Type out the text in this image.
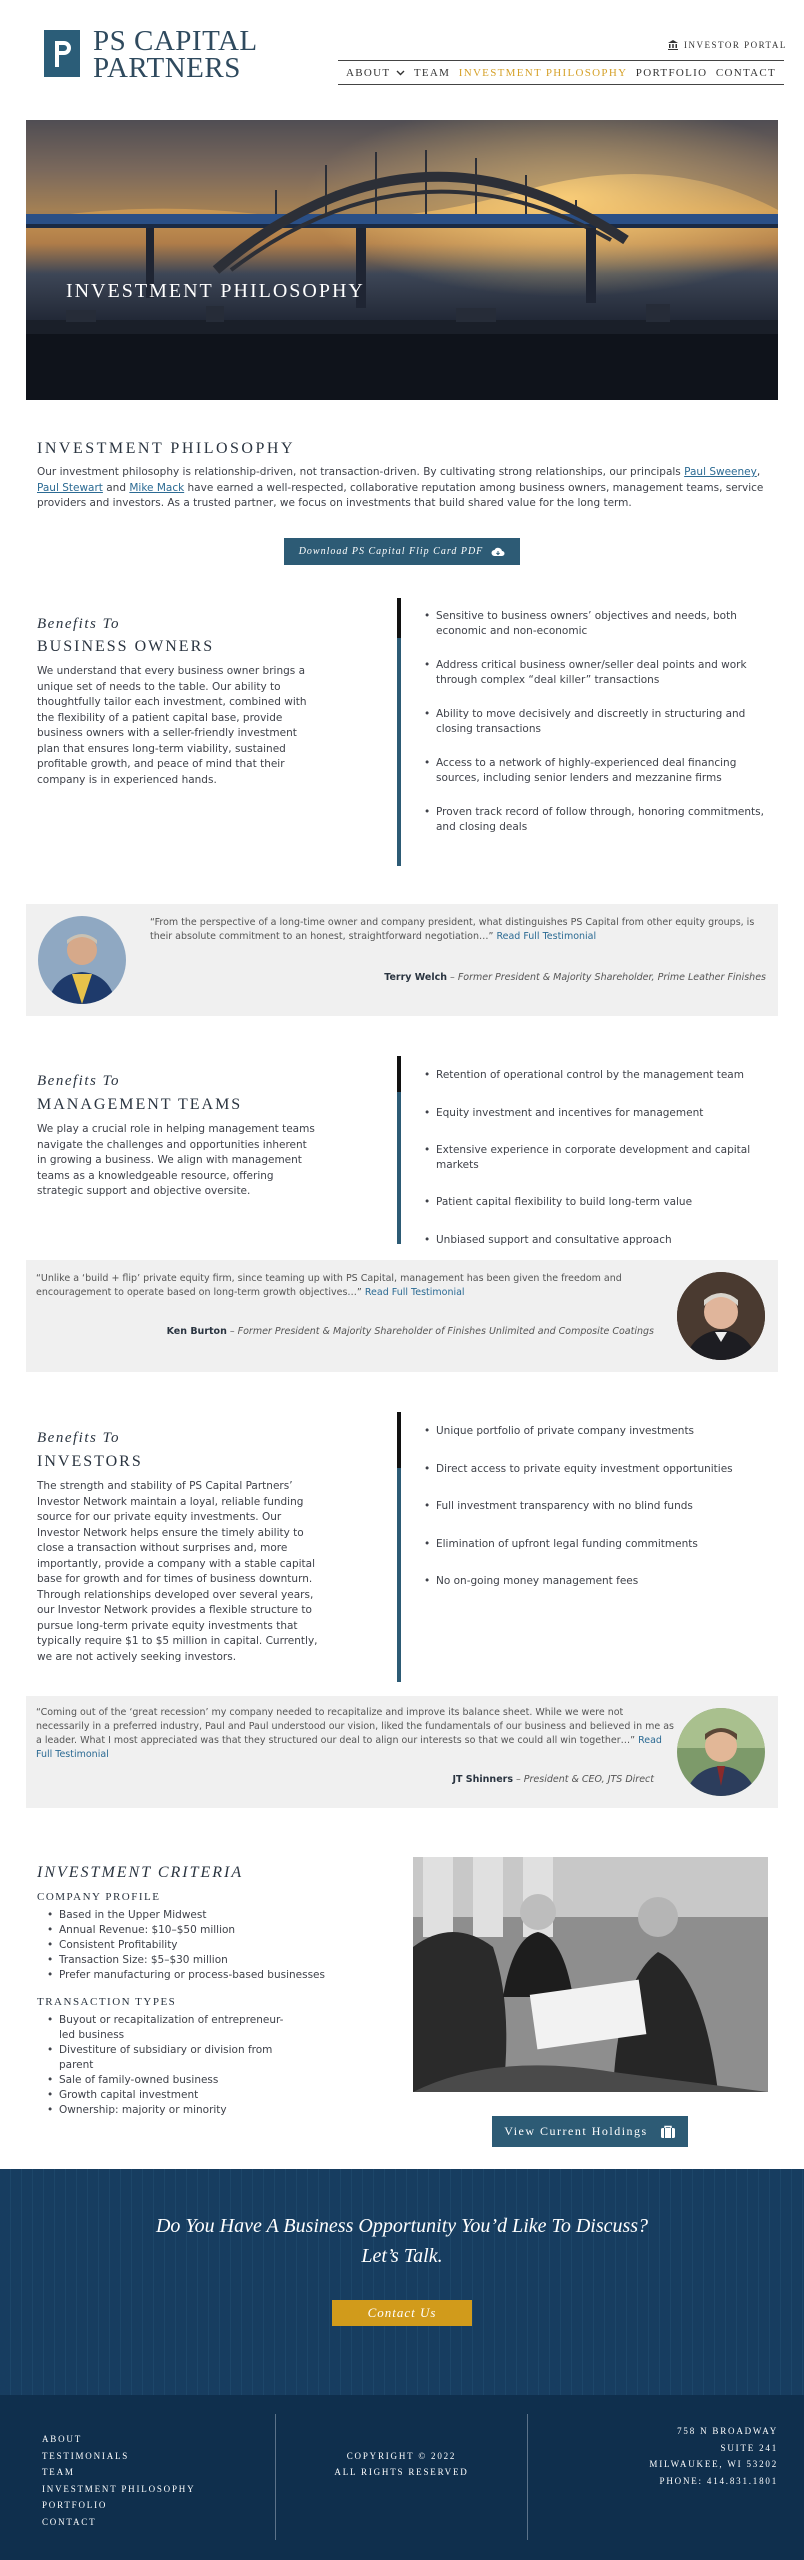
PS CAPITAL
PARTNERS
INVESTOR PORTAL
ABOUT TEAM INVESTMENT PHILOSOPHY PORTFOLIO CONTACT
INVESTMENT PHILOSOPHY
INVESTMENT PHILOSOPHY

Our investment philosophy is relationship-driven, not transaction-driven. By cultivating strong relationships, our principals Paul Sweeney, Paul Stewart and Mike Mack have earned a well-respected, collaborative reputation among business owners, management teams, service providers and investors. As a trusted partner, we focus on investments that build shared value for the long term.

Download PS Capital Flip Card PDF
Benefits To
BUSINESS OWNERS

We understand that every business owner brings a unique set of needs to the table. Our ability to thoughtfully tailor each investment, combined with the flexibility of a patient capital base, provide business owners with a seller-friendly investment plan that ensures long-term viability, sustained profitable growth, and peace of mind that their company is in experienced hands.

• Sensitive to business owners’ objectives and needs, both economic and non-economic
• Address critical business owner/seller deal points and work through complex “deal killer” transactions
• Ability to move decisively and discreetly in structuring and closing transactions
• Access to a network of highly-experienced deal financing sources, including senior lenders and mezzanine firms
• Proven track record of follow through, honoring commitments, and closing deals

“From the perspective of a long-time owner and company president, what distinguishes PS Capital from other equity groups, is their absolute commitment to an honest, straightforward negotiation…” Read Full Testimonial

Terry Welch – Former President & Majority Shareholder, Prime Leather Finishes

Benefits To
MANAGEMENT TEAMS

We play a crucial role in helping management teams navigate the challenges and opportunities inherent in growing a business. We align with management teams as a knowledgeable resource, offering strategic support and objective oversite.

• Retention of operational control by the management team
• Equity investment and incentives for management
• Extensive experience in corporate development and capital markets
• Patient capital flexibility to build long-term value
• Unbiased support and consultative approach

“Unlike a ‘build + flip’ private equity firm, since teaming up with PS Capital, management has been given the freedom and encouragement to operate based on long-term growth objectives…” Read Full Testimonial

Ken Burton – Former President & Majority Shareholder of Finishes Unlimited and Composite Coatings

Benefits To
INVESTORS

The strength and stability of PS Capital Partners’ Investor Network maintain a loyal, reliable funding source for our private equity investments. Our Investor Network helps ensure the timely ability to close a transaction without surprises and, more importantly, provide a company with a stable capital base for growth and for times of business downturn. Through relationships developed over several years, our Investor Network provides a flexible structure to pursue long-term private equity investments that typically require $1 to $5 million in capital. Currently, we are not actively seeking investors.

• Unique portfolio of private company investments
• Direct access to private equity investment opportunities
• Full investment transparency with no blind funds
• Elimination of upfront legal funding commitments
• No on-going money management fees

“Coming out of the ‘great recession’ my company needed to recapitalize and improve its balance sheet. While we were not necessarily in a preferred industry, Paul and Paul understood our vision, liked the fundamentals of our business and believed in me as a leader. What I most appreciated was that they structured our deal to align our interests so that we could all win together…” Read Full Testimonial

JT Shinners – President & CEO, JTS Direct

INVESTMENT CRITERIA
COMPANY PROFILE
• Based in the Upper Midwest
• Annual Revenue: $10–$50 million
• Consistent Profitability
• Transaction Size: $5–$30 million
• Prefer manufacturing or process-based businesses
TRANSACTION TYPES
• Buyout or recapitalization of entrepreneur-led business
• Divestiture of subsidiary or division from parent
• Sale of family-owned business
• Growth capital investment
• Ownership: majority or minority
View Current Holdings
Do You Have A Business Opportunity You’d Like To Discuss?
Let’s Talk.
Contact Us
ABOUT
TESTIMONIALS
TEAM
INVESTMENT PHILOSOPHY
PORTFOLIO
CONTACT
COPYRIGHT © 2022
ALL RIGHTS RESERVED
758 N BROADWAY
SUITE 241
MILWAUKEE, WI 53202
PHONE: 414.831.1801
